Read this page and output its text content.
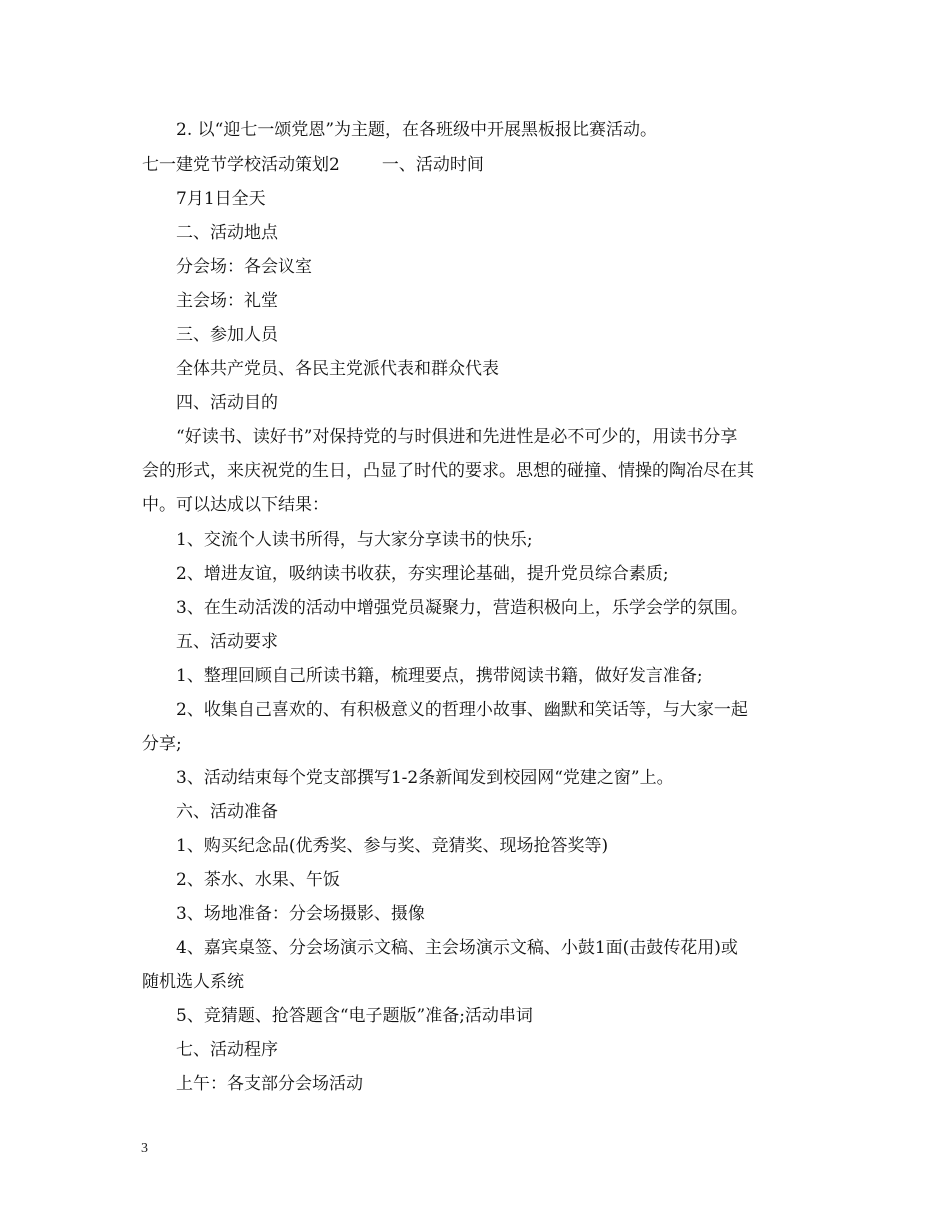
2. 以“迎七一颂党恩”为主题，在各班级中开展黑板报比赛活动。
七一建党节学校活动策划2 一、活动时间
7月1日全天
二、活动地点
分会场：各会议室
主会场：礼堂
三、参加人员
全体共产党员、各民主党派代表和群众代表
四、活动目的
“好读书、读好书”对保持党的与时俱进和先进性是必不可少的，用读书分享
会的形式，来庆祝党的生日，凸显了时代的要求。思想的碰撞、情操的陶冶尽在其
中。可以达成以下结果：
1、交流个人读书所得，与大家分享读书的快乐;
2、增进友谊，吸纳读书收获，夯实理论基础，提升党员综合素质;
3、在生动活泼的活动中增强党员凝聚力，营造积极向上，乐学会学的氛围。
五、活动要求
1、整理回顾自己所读书籍，梳理要点，携带阅读书籍，做好发言准备;
2、收集自己喜欢的、有积极意义的哲理小故事、幽默和笑话等，与大家一起
分享;
3、活动结束每个党支部撰写1-2条新闻发到校园网“党建之窗”上。
六、活动准备
1、购买纪念品(优秀奖、参与奖、竞猜奖、现场抢答奖等)
2、茶水、水果、午饭
3、场地准备：分会场摄影、摄像
4、嘉宾桌签、分会场演示文稿、主会场演示文稿、小鼓1面(击鼓传花用)或
随机选人系统
5、竞猜题、抢答题含“电子题版”准备;活动串词
七、活动程序
上午：各支部分会场活动
3
